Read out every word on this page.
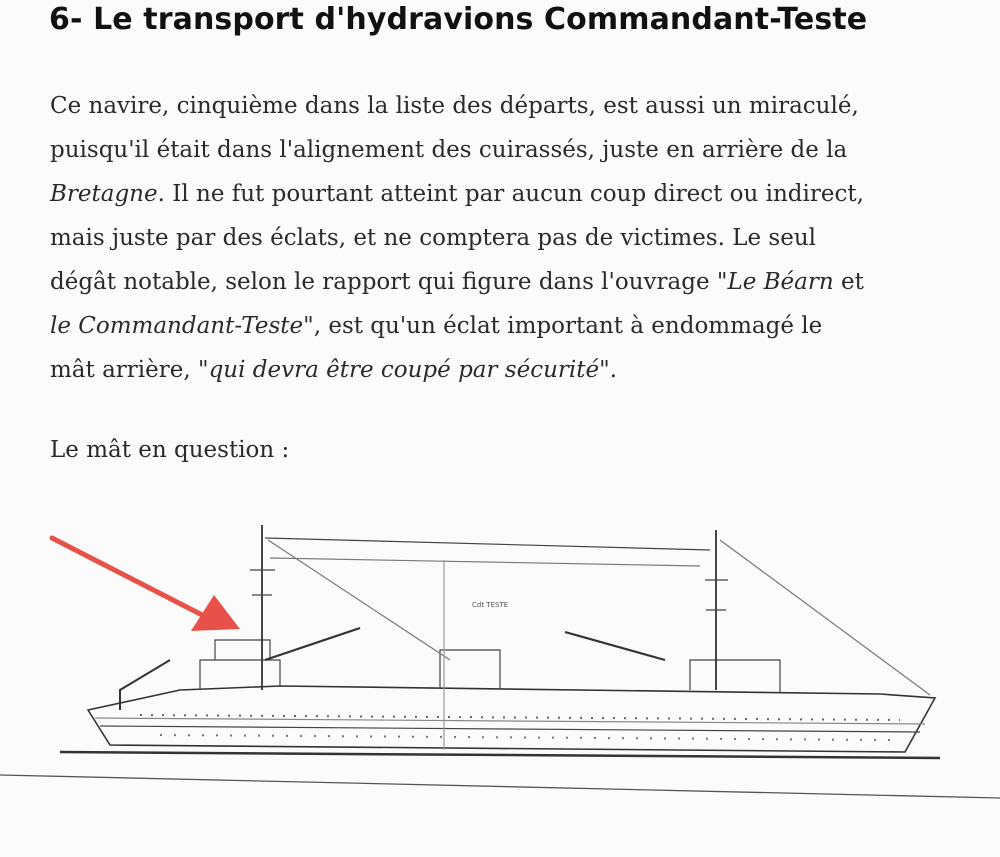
6- Le transport d'hydravions Commandant-Teste

Ce navire, cinquième dans la liste des départs, est aussi un miraculé,
puisqu'il était dans l'alignement des cuirassés, juste en arrière de la
Bretagne. Il ne fut pourtant atteint par aucun coup direct ou indirect,
mais juste par des éclats, et ne comptera pas de victimes. Le seul
dégât notable, selon le rapport qui figure dans l'ouvrage "Le Béarn et
le Commandant-Teste", est qu'un éclat important à endommagé le
mât arrière, "qui devra être coupé par sécurité".

Le mât en question :

Cdt TESTE
